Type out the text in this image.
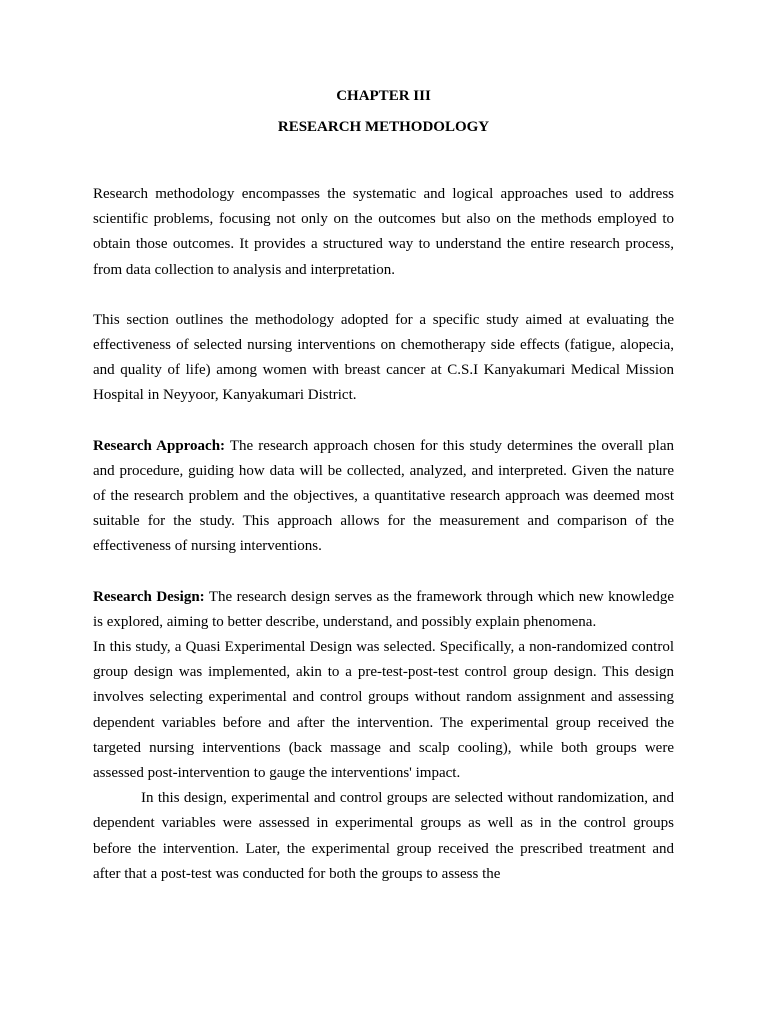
CHAPTER III

RESEARCH METHODOLOGY

Research methodology encompasses the systematic and logical approaches used to address scientific problems, focusing not only on the outcomes but also on the methods employed to obtain those outcomes. It provides a structured way to understand the entire research process, from data collection to analysis and interpretation.

This section outlines the methodology adopted for a specific study aimed at evaluating the effectiveness of selected nursing interventions on chemotherapy side effects (fatigue, alopecia, and quality of life) among women with breast cancer at C.S.I Kanyakumari Medical Mission Hospital in Neyyoor, Kanyakumari District.

Research Approach: The research approach chosen for this study determines the overall plan and procedure, guiding how data will be collected, analyzed, and interpreted. Given the nature of the research problem and the objectives, a quantitative research approach was deemed most suitable for the study. This approach allows for the measurement and comparison of the effectiveness of nursing interventions.

Research Design: The research design serves as the framework through which new knowledge is explored, aiming to better describe, understand, and possibly explain phenomena.

In this study, a Quasi Experimental Design was selected. Specifically, a non-randomized control group design was implemented, akin to a pre-test-post-test control group design. This design involves selecting experimental and control groups without random assignment and assessing dependent variables before and after the intervention. The experimental group received the targeted nursing interventions (back massage and scalp cooling), while both groups were assessed post-intervention to gauge the interventions' impact.

In this design, experimental and control groups are selected without randomization, and dependent variables were assessed in experimental groups as well as in the control groups before the intervention. Later, the experimental group received the prescribed treatment and after that a post-test was conducted for both the groups to assess the
